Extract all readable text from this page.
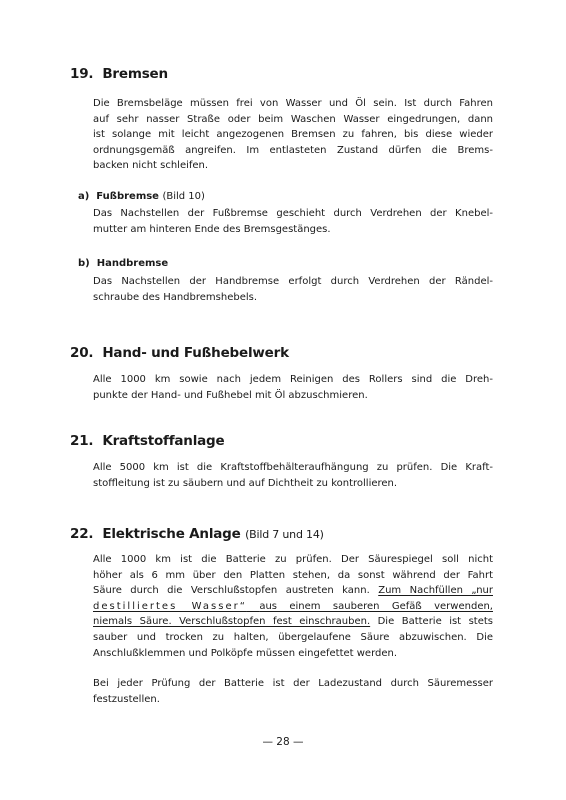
19. Bremsen
Die Bremsbeläge müssen frei von Wasser und Öl sein. Ist durch Fahren
auf sehr nasser Straße oder beim Waschen Wasser eingedrungen, dann
ist solange mit leicht angezogenen Bremsen zu fahren, bis diese wieder
ordnungsgemäß angreifen. Im entlasteten Zustand dürfen die Brems-
backen nicht schleifen.
a) Fußbremse (Bild 10)
Das Nachstellen der Fußbremse geschieht durch Verdrehen der Knebel-
mutter am hinteren Ende des Bremsgestänges.
b) Handbremse
Das Nachstellen der Handbremse erfolgt durch Verdrehen der Rändel-
schraube des Handbremshebels.
20. Hand- und Fußhebelwerk
Alle 1000 km sowie nach jedem Reinigen des Rollers sind die Dreh-
punkte der Hand- und Fußhebel mit Öl abzuschmieren.
21. Kraftstoffanlage
Alle 5000 km ist die Kraftstoffbehälteraufhängung zu prüfen. Die Kraft-
stoffleitung ist zu säubern und auf Dichtheit zu kontrollieren.
22. Elektrische Anlage (Bild 7 und 14)
Alle 1000 km ist die Batterie zu prüfen. Der Säurespiegel soll nicht
höher als 6 mm über den Platten stehen, da sonst während der Fahrt
Säure durch die Verschlußstopfen austreten kann. Zum Nachfüllen „nur
destilliertes Wasser“ aus einem sauberen Gefäß verwenden,
niemals Säure. Verschlußstopfen fest einschrauben. Die Batterie ist stets
sauber und trocken zu halten, übergelaufene Säure abzuwischen. Die
Anschlußklemmen und Polköpfe müssen eingefettet werden.
Bei jeder Prüfung der Batterie ist der Ladezustand durch Säuremesser
festzustellen.
— 28 —
